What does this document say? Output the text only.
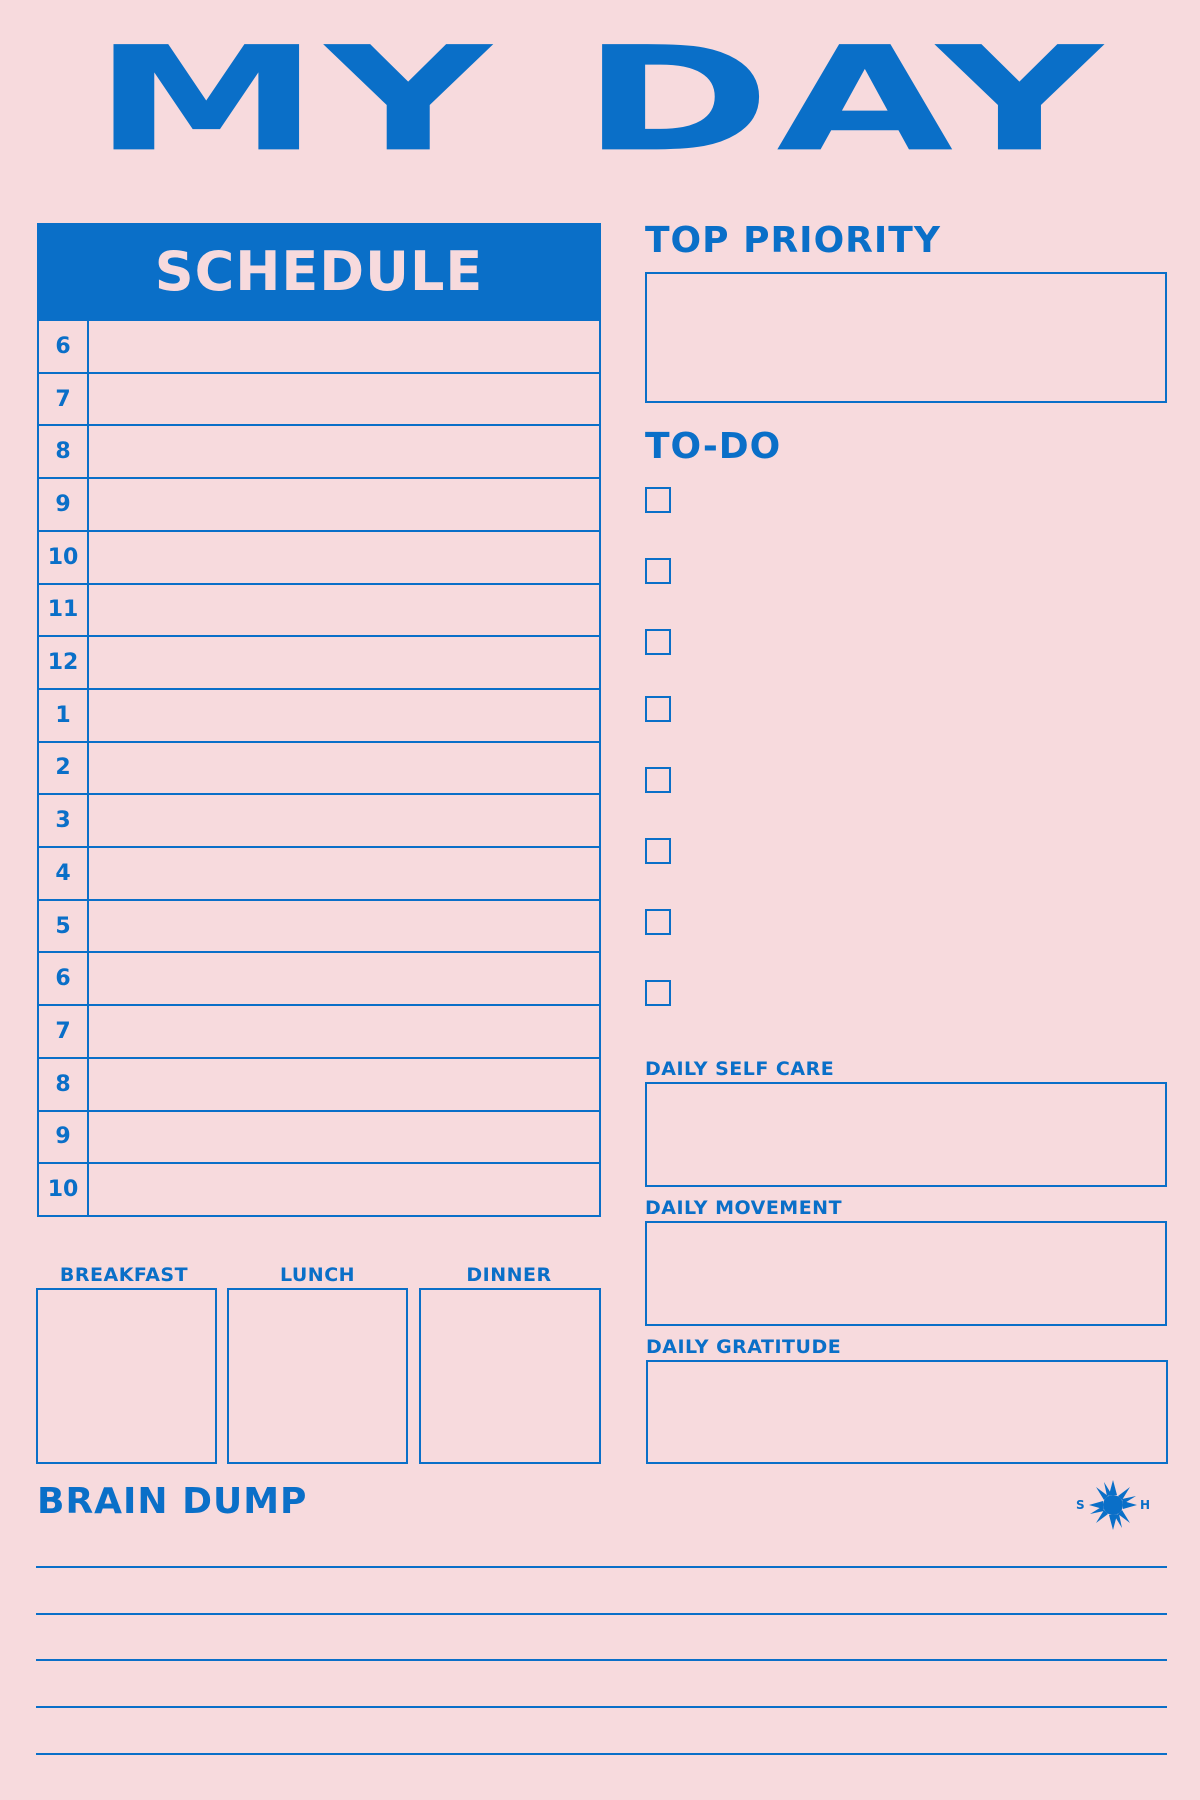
MY DAY
SCHEDULE
6
7
8
9
10
11
12
1
2
3
4
5
6
7
8
9
10
TOP PRIORITY
TO-DO
DAILY SELF CARE
DAILY MOVEMENT
DAILY GRATITUDE
BREAKFAST	LUNCH	DINNER
BRAIN DUMP	S	H
